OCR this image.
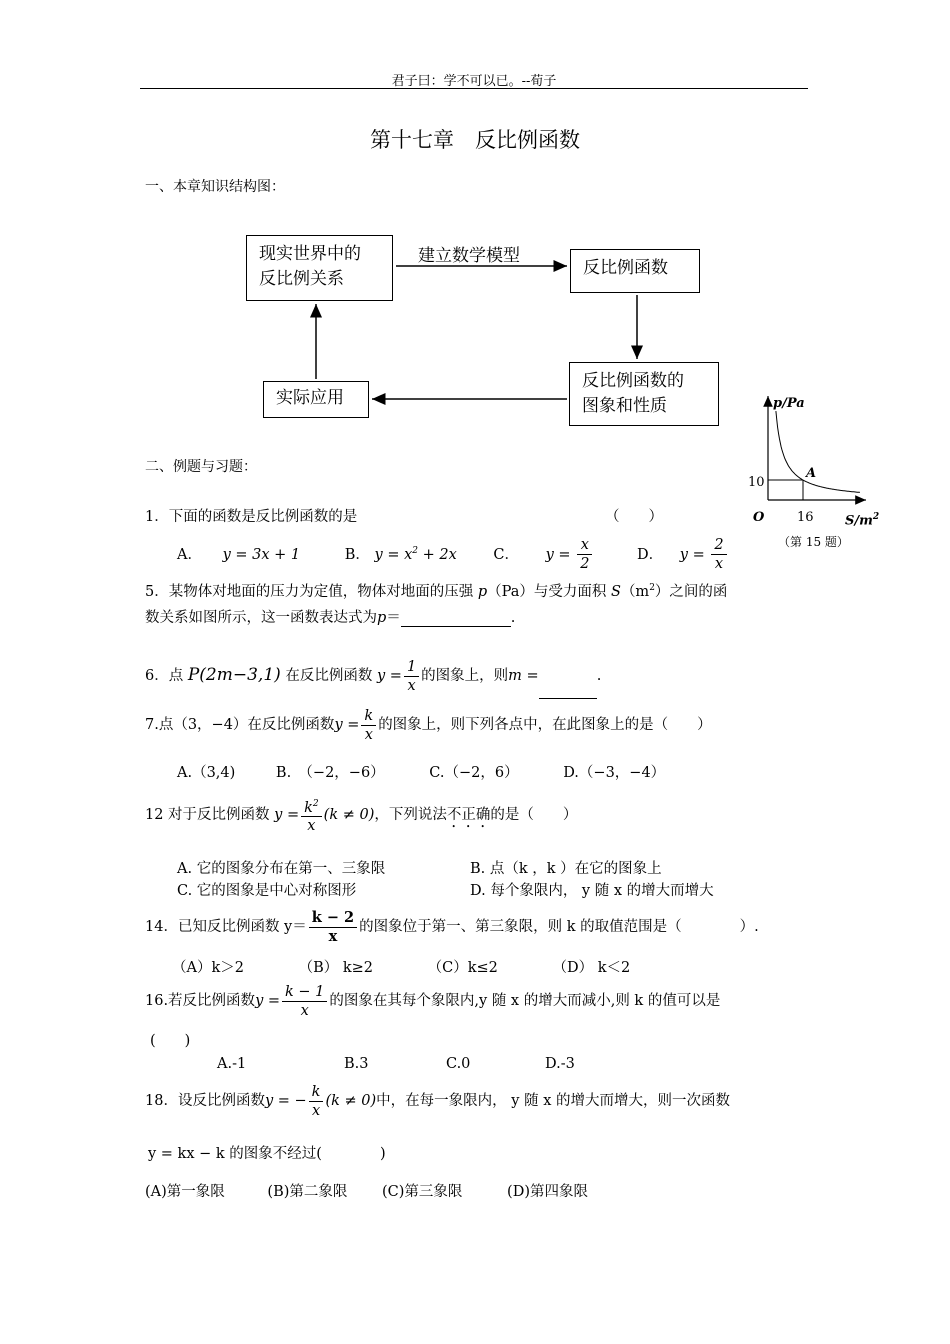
君子曰：学不可以已。--荀子
第十七章　反比例函数
一、本章知识结构图：
现实世界中的
反比例关系
建立数学模型
反比例函数
反比例函数的
图象和性质
实际应用	p/Pa
A
10
O	16 $S/m^2$
（第 15 题）
二、例题与习题：
1．下面的函数是反比例函数的是	（　　）
A． y = 3x + 1	B． $y = x^2 + 2x$	C． $y = \frac{x}{2}$	D． $y = \frac{2}{x}$
5．某物体对地面的压力为定值，物体对地面的压强 p（Pa）与受力面积 $S(m^2)$之间的函
数关系如图所示，这一函数表达式为p＝	.
6．点 P(2m−3,1) 在反比例函数 $y = \frac{1}{x}$ 的图象上，则m =	.
7.点（3，−4）在反比例函数$y = \frac{k}{x}$ 的图象上，则下列各点中，在此图象上的是（　　）
A.（3,4)	B.　（−2，−6）	C.（−2，6）	D.（−3，−4）
12 对于反比例函数 $y = \frac{k^2}{x} (k \ne 0)$，下列说法不正确的是（　　）
A. 它的图象分布在第一、三象限	B. 点（k ，k ）在它的图象上
C. 它的图象是中心对称图形	D. 每个象限内， y 随 x 的增大而增大
14．已知反比例函数 $y= \frac{k - 2}{x}$ 的图象位于第一、第三象限，则 k 的取值范围是（　　　　）.
（A）k＞2	（B） k≥2	（C）k≤2	（D） k＜2
16.若反比例函数$y = \frac{k - 1}{x}$ 的图象在其每个象限内,y 随 x 的增大而减小,则 k 的值可以是
(　　)
A.-1	B.3	C.0	D.-3
18．设反比例函数y = − $\frac{k}{x} (k \ne 0)$中，在每一象限内， y 随 x 的增大而增大，则一次函数
y = kx − k 的图象不经过(　　　　)
(A)第一象限	(B)第二象限 (C)第三象限	(D)第四象限
